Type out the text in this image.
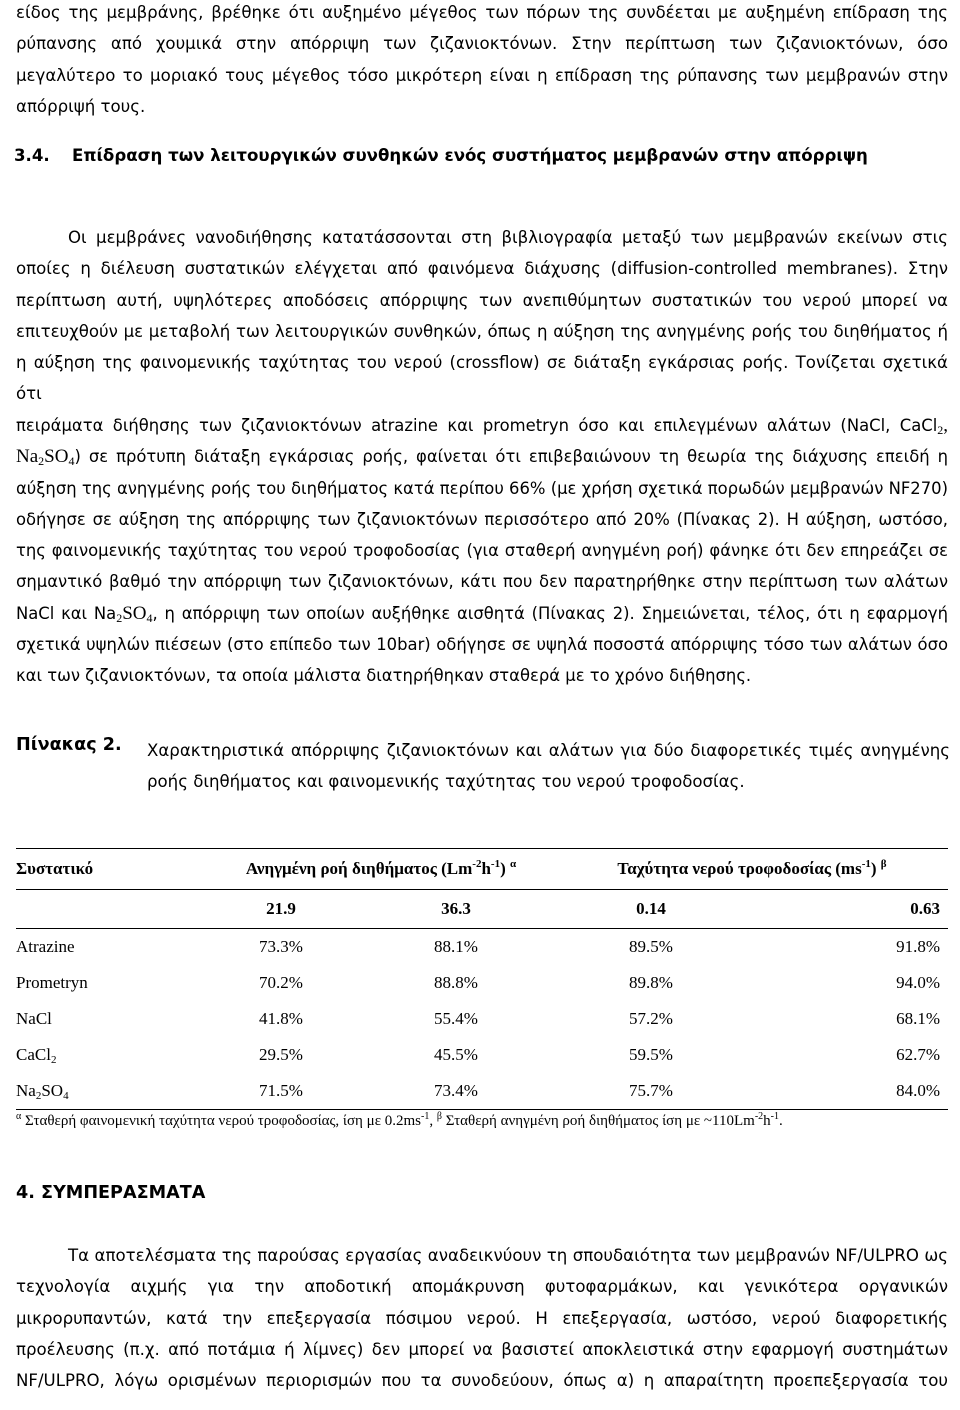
είδος της μεμβράνης, βρέθηκε ότι αυξημένο μέγεθος των πόρων της συνδέεται με αυξημένη επίδραση της ρύπανσης από χουμικά στην απόρριψη των ζιζανιοκτόνων. Στην περίπτωση των ζιζανιοκτόνων, όσο μεγαλύτερο το μοριακό τους μέγεθος τόσο μικρότερη είναι η επίδραση της ρύπανσης των μεμβρανών στην απόρριψή τους.

3.4. Επίδραση των λειτουργικών συνθηκών ενός συστήματος μεμβρανών στην απόρριψη

Οι μεμβράνες νανοδιήθησης κατατάσσονται στη βιβλιογραφία μεταξύ των μεμβρανών εκείνων στις οποίες η διέλευση συστατικών ελέγχεται από φαινόμενα διάχυσης (diffusion-controlled membranes). Στην περίπτωση αυτή, υψηλότερες αποδόσεις απόρριψης των ανεπιθύμητων συστατικών του νερού μπορεί να επιτευχθούν με μεταβολή των λειτουργικών συνθηκών, όπως η αύξηση της ανηγμένης ροής του διηθήματος ή η αύξηση της φαινομενικής ταχύτητας του νερού (crossflow) σε διάταξη εγκάρσιας ροής. Τονίζεται σχετικά ότι

πειράματα διήθησης των ζιζανιοκτόνων atrazine και prometryn όσο και επιλεγμένων αλάτων (NaCl, CaCl$_2$, $Na_2SO_4$) σε πρότυπη διάταξη εγκάρσιας ροής, φαίνεται ότι επιβεβαιώνουν τη θεωρία της διάχυσης επειδή η αύξηση της ανηγμένης ροής του διηθήματος κατά περίπου 66% (με χρήση σχετικά πορωδών μεμβρανών NF270) οδήγησε σε αύξηση της απόρριψης των ζιζανιοκτόνων περισσότερο από 20% (Πίνακας 2). Η αύξηση, ωστόσο, της φαινομενικής ταχύτητας του νερού τροφοδοσίας (για σταθερή ανηγμένη ροή) φάνηκε ότι δεν επηρεάζει σε σημαντικό βαθμό την απόρριψη των ζιζανιοκτόνων, κάτι που δεν παρατηρήθηκε στην περίπτωση των αλάτων NaCl και $Na_2SO_4$, η απόρριψη των οποίων αυξήθηκε αισθητά (Πίνακας 2). Σημειώνεται, τέλος, ότι η εφαρμογή σχετικά υψηλών πιέσεων (στο επίπεδο των 10bar) οδήγησε σε υψηλά ποσοστά απόρριψης τόσο των αλάτων όσο και των ζιζανιοκτόνων, τα οποία μάλιστα διατηρήθηκαν σταθερά με το χρόνο διήθησης.

Πίνακας 2. Χαρακτηριστικά απόρριψης ζιζανιοκτόνων και αλάτων για δύο διαφορετικές τιμές ανηγμένης ροής διηθήματος και φαινομενικής ταχύτητας του νερού τροφοδοσίας.

Συστατικό	Ανηγμένη ροή διηθήματος $(Lm^{-2}h^{-1})$ $^\alpha$		Ταχύτητα νερού τροφοδοσίας $(ms^{-1})$ $^\beta$
	21.9	36.3	0.14	0.63
Atrazine	73.3%	88.1%	89.5%	91.8%
Prometryn	70.2%	88.8%	89.8%	94.0%
NaCl	41.8%	55.4%	57.2%	68.1%
CaCl$_2$	29.5%	45.5%	59.5%	62.7%
$Na_2SO_4$	71.5%	73.4%	75.7%	84.0%

$^\alpha$ Σταθερή φαινομενική ταχύτητα νερού τροφοδοσίας, ίση με $0.2ms^{-1}$, $^\beta$ Σταθερή ανηγμένη ροή διηθήματος ίση με $\sim 110Lm^{-2}h^{-1}$.

4. ΣΥΜΠΕΡΑΣΜΑΤΑ

Τα αποτελέσματα της παρούσας εργασίας αναδεικνύουν τη σπουδαιότητα των μεμβρανών NF/ULPRO ως τεχνολογία αιχμής για την αποδοτική απομάκρυνση φυτοφαρμάκων, και γενικότερα οργανικών μικρορυπαντών, κατά την επεξεργασία πόσιμου νερού. Η επεξεργασία, ωστόσο, νερού διαφορετικής προέλευσης (π.χ. από ποτάμια ή λίμνες) δεν μπορεί να βασιστεί αποκλειστικά στην εφαρμογή συστημάτων NF/ULPRO, λόγω ορισμένων περιορισμών που τα συνοδεύουν, όπως α) η απαραίτητη προεπεξεργασία του
